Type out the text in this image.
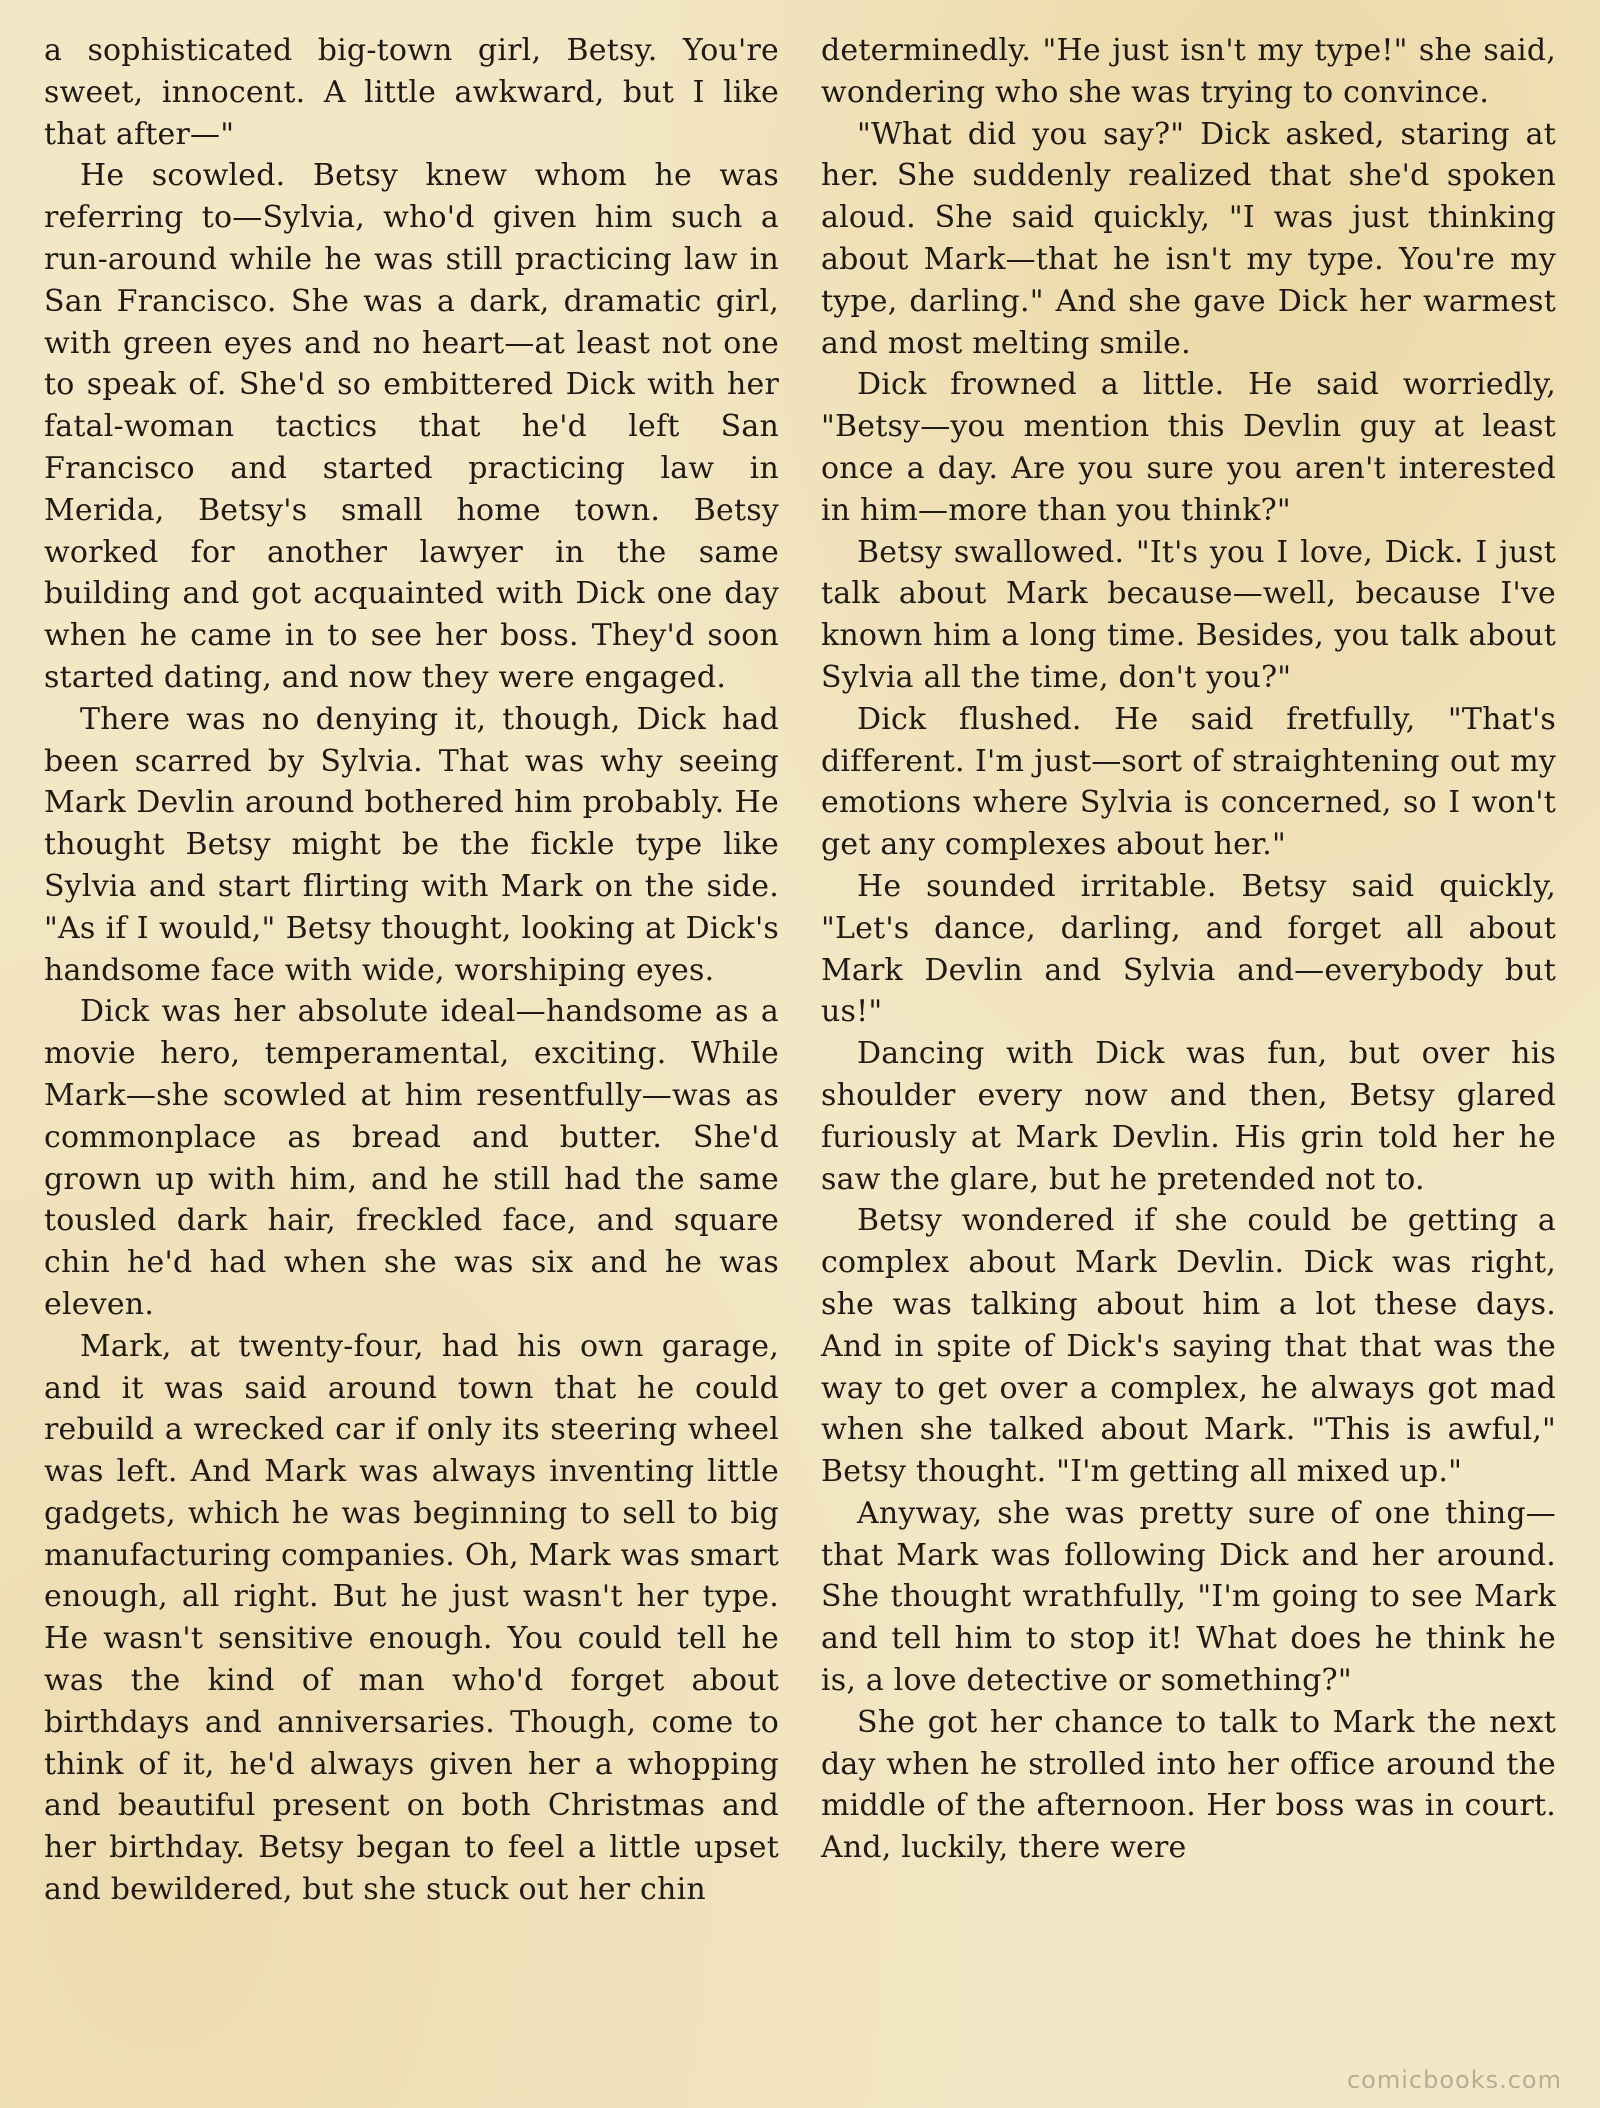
a sophisticated big-town girl, Betsy. You're sweet, innocent. A little awkward, but I like that after—"

He scowled. Betsy knew whom he was referring to—Sylvia, who'd given him such a run-around while he was still practicing law in San Francisco. She was a dark, dramatic girl, with green eyes and no heart—at least not one to speak of. She'd so embittered Dick with her fatal-woman tactics that he'd left San Francisco and started practicing law in Merida, Betsy's small home town. Betsy worked for another lawyer in the same building and got acquainted with Dick one day when he came in to see her boss. They'd soon started dating, and now they were engaged.

There was no denying it, though, Dick had been scarred by Sylvia. That was why seeing Mark Devlin around bothered him probably. He thought Betsy might be the fickle type like Sylvia and start flirting with Mark on the side. "As if I would," Betsy thought, looking at Dick's handsome face with wide, worshiping eyes.

Dick was her absolute ideal—handsome as a movie hero, temperamental, exciting. While Mark—she scowled at him resentfully—was as commonplace as bread and butter. She'd grown up with him, and he still had the same tousled dark hair, freckled face, and square chin he'd had when she was six and he was eleven.

Mark, at twenty-four, had his own garage, and it was said around town that he could rebuild a wrecked car if only its steering wheel was left. And Mark was always inventing little gadgets, which he was beginning to sell to big manufacturing companies. Oh, Mark was smart enough, all right. But he just wasn't her type. He wasn't sensitive enough. You could tell he was the kind of man who'd forget about birthdays and anniversaries. Though, come to think of it, he'd always given her a whopping and beautiful present on both Christmas and her birthday. Betsy began to feel a little upset and bewildered, but she stuck out her chin

determinedly. "He just isn't my type!" she said, wondering who she was trying to convince.

"What did you say?" Dick asked, staring at her. She suddenly realized that she'd spoken aloud. She said quickly, "I was just thinking about Mark—that he isn't my type. You're my type, darling." And she gave Dick her warmest and most melting smile.

Dick frowned a little. He said worriedly, "Betsy—you mention this Devlin guy at least once a day. Are you sure you aren't interested in him—more than you think?"

Betsy swallowed. "It's you I love, Dick. I just talk about Mark because—well, because I've known him a long time. Besides, you talk about Sylvia all the time, don't you?"

Dick flushed. He said fretfully, "That's different. I'm just—sort of straightening out my emotions where Sylvia is concerned, so I won't get any complexes about her."

He sounded irritable. Betsy said quickly, "Let's dance, darling, and forget all about Mark Devlin and Sylvia and—everybody but us!"

Dancing with Dick was fun, but over his shoulder every now and then, Betsy glared furiously at Mark Devlin. His grin told her he saw the glare, but he pretended not to.

Betsy wondered if she could be getting a complex about Mark Devlin. Dick was right, she was talking about him a lot these days. And in spite of Dick's saying that that was the way to get over a complex, he always got mad when she talked about Mark. "This is awful," Betsy thought. "I'm getting all mixed up."

Anyway, she was pretty sure of one thing—that Mark was following Dick and her around. She thought wrathfully, "I'm going to see Mark and tell him to stop it! What does he think he is, a love detective or something?"

She got her chance to talk to Mark the next day when he strolled into her office around the middle of the afternoon. Her boss was in court. And, luckily, there were

comicbooks.com
